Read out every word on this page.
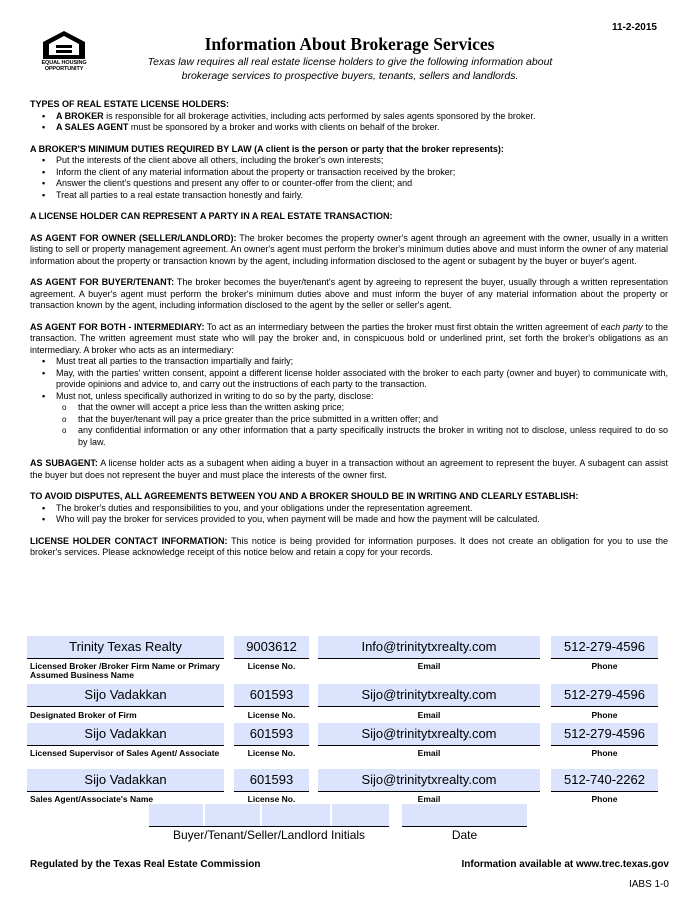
EQUAL HOUSING
OPPORTUNITY
11-2-2015
Information About Brokerage Services
Texas law requires all real estate license holders to give the following information about
brokerage services to prospective buyers, tenants, sellers and landlords.

TYPES OF REAL ESTATE LICENSE HOLDERS:

• A BROKER is responsible for all brokerage activities, including acts performed by sales agents sponsored by the broker.
• A SALES AGENT must be sponsored by a broker and works with clients on behalf of the broker.

A BROKER'S MINIMUM DUTIES REQUIRED BY LAW (A client is the person or party that the broker represents):

• Put the interests of the client above all others, including the broker's own interests;
• Inform the client of any material information about the property or transaction received by the broker;
• Answer the client's questions and present any offer to or counter-offer from the client; and
• Treat all parties to a real estate transaction honestly and fairly.

A LICENSE HOLDER CAN REPRESENT A PARTY IN A REAL ESTATE TRANSACTION:

AS AGENT FOR OWNER (SELLER/LANDLORD): The broker becomes the property owner's agent through an agreement with the owner, usually in a written listing to sell or property management agreement. An owner's agent must perform the broker's minimum duties above and must inform the owner of any material information about the property or transaction known by the agent, including information disclosed to the agent or subagent by the buyer or buyer's agent.

AS AGENT FOR BUYER/TENANT: The broker becomes the buyer/tenant's agent by agreeing to represent the buyer, usually through a written representation agreement. A buyer's agent must perform the broker's minimum duties above and must inform the buyer of any material information about the property or transaction known by the agent, including information disclosed to the agent by the seller or seller's agent.

AS AGENT FOR BOTH - INTERMEDIARY: To act as an intermediary between the parties the broker must first obtain the written agreement of each party to the transaction. The written agreement must state who will pay the broker and, in conspicuous bold or underlined print, set forth the broker's obligations as an intermediary. A broker who acts as an intermediary:

• Must treat all parties to the transaction impartially and fairly;
• May, with the parties' written consent, appoint a different license holder associated with the broker to each party (owner and buyer) to communicate with, provide opinions and advice to, and carry out the instructions of each party to the transaction.
• Must not, unless specifically authorized in writing to do so by the party, disclose:
o that the owner will accept a price less than the written asking price;
o that the buyer/tenant will pay a price greater than the price submitted in a written offer; and
o any confidential information or any other information that a party specifically instructs the broker in writing not to disclose, unless required to do so by law.

AS SUBAGENT: A license holder acts as a subagent when aiding a buyer in a transaction without an agreement to represent the buyer. A subagent can assist the buyer but does not represent the buyer and must place the interests of the owner first.

TO AVOID DISPUTES, ALL AGREEMENTS BETWEEN YOU AND A BROKER SHOULD BE IN WRITING AND CLEARLY ESTABLISH:

• The broker's duties and responsibilities to you, and your obligations under the representation agreement.
• Who will pay the broker for services provided to you, when payment will be made and how the payment will be calculated.

LICENSE HOLDER CONTACT INFORMATION: This notice is being provided for information purposes. It does not create an obligation for you to use the broker's services. Please acknowledge receipt of this notice below and retain a copy for your records.

Trinity Texas Realty	9003612	Info@trinitytxrealty.com	512-279-4596
Licensed Broker /Broker Firm Name or Primary Assumed Business Name
License No.	Email	Phone
Sijo Vadakkan	601593	Sijo@trinitytxrealty.com	512-279-4596
Designated Broker of Firm	License No.	Email	Phone
Sijo Vadakkan	601593	Sijo@trinitytxrealty.com	512-279-4596
Licensed Supervisor of Sales Agent/ Associate	License No.	Email	Phone
Sijo Vadakkan	601593	Sijo@trinitytxrealty.com	512-740-2262
Sales Agent/Associate's Name	License No.	Email	Phone
Buyer/Tenant/Seller/Landlord Initials	Date
Regulated by the Texas Real Estate Commission	Information available at www.trec.texas.gov
IABS 1-0
